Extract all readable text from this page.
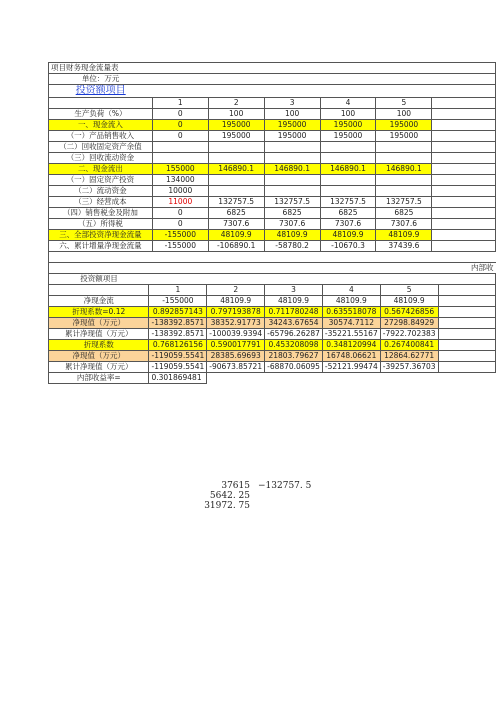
项目财务现金流量表						
单位：万元						
投资额项目						
	1	2	3	4	5	
生产负荷（%）	0	100	100	100	100	
一、现金流入	0	195000	195000	195000	195000	
（一）产品销售收入	0	195000	195000	195000	195000	
（二）回收固定资产余值						
（三）回收流动资金						
二、现金流出	155000	146890.1	146890.1	146890.1	146890.1	
（一）固定资产投资	134000					
（二）流动资金	10000					
（三）经营成本	11000	132757.5	132757.5	132757.5	132757.5	
（四）销售税金及附加	0	6825	6825	6825	6825	
（五）所得税	0	7307.6	7307.6	7307.6	7307.6	
三、全部投资净现金流量	-155000	48109.9	48109.9	48109.9	48109.9	
六、累计增量净现金流量	-155000	-106890.1	-58780.2	-10670.3	37439.6	
内部收						
投资额项目						
	1	2	3	4	5	
净现金流	-155000	48109.9	48109.9	48109.9	48109.9	
折现系数=0.12	0.892857143	0.797193878	0.711780248	0.635518078	0.567426856	
净现值（万元）	-138392.8571	38352.91773	34243.67654	30574.7112	27298.84929	
累计净现值（万元）	-138392.8571	-100039.9394	-65796.26287	-35221.55167	-7922.702383	
折现系数	0.768126156	0.590017791	0.453208098	0.348120994	0.267400841	
净现值（万元）	-119059.5541	28385.69693	21803.79627	16748.06621	12864.62771	
累计净现值（万元）	-119059.5541	-90673.85721	-68870.06095	-52121.99474	-39257.36703	
内部收益率=	0.301869481					
37615
5642. 25
31972. 75
−132757. 5
